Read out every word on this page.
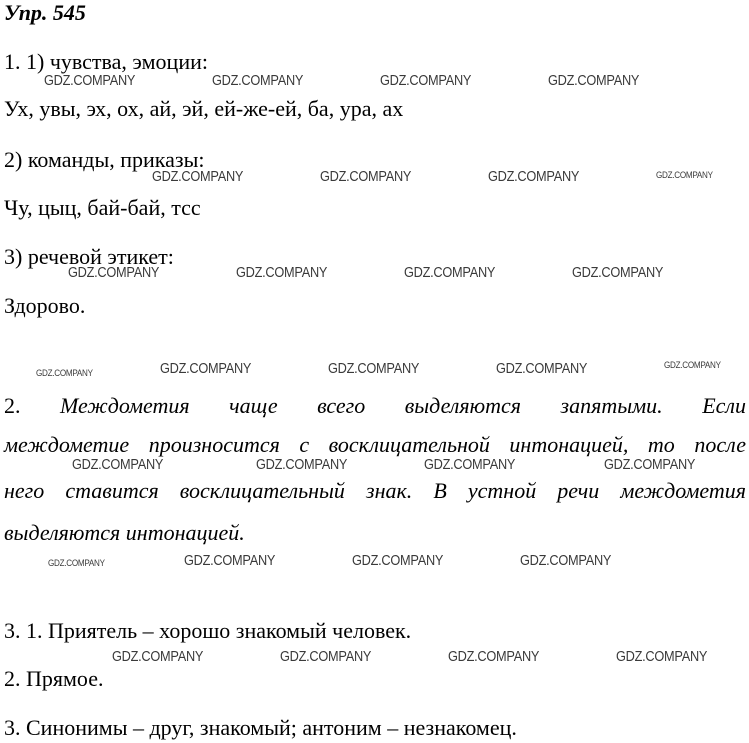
Упр. 545
1. 1) чувства, эмоции:
Ух, увы, эх, ох, ай, эй, ей-же-ей, ба, ура, ах
2) команды, приказы:
Чу, цыц, бай-бай, тсс
3) речевой этикет:
Здорово.
2. Междометия чаще всего выделяются запятыми. Если
междометие произносится с восклицательной интонацией, то после
него ставится восклицательный знак. В устной речи междометия
выделяются интонацией.
3. 1. Приятель – хорошо знакомый человек.
2. Прямое.
3. Синонимы – друг, знакомый; антоним – незнакомец.
GDZ.COMPANY	GDZ.COMPANY	GDZ.COMPANY	GDZ.COMPANY
GDZ.COMPANY	GDZ.COMPANY	GDZ.COMPANY	GDZ.COMPANY
GDZ.COMPANY	GDZ.COMPANY	GDZ.COMPANY	GDZ.COMPANY
GDZ.COMPANY	GDZ.COMPANY	GDZ.COMPANY	GDZ.COMPANY	GDZ.COMPANY
GDZ.COMPANY	GDZ.COMPANY	GDZ.COMPANY	GDZ.COMPANY
GDZ.COMPANY	GDZ.COMPANY	GDZ.COMPANY	GDZ.COMPANY
GDZ.COMPANY	GDZ.COMPANY	GDZ.COMPANY	GDZ.COMPANY
